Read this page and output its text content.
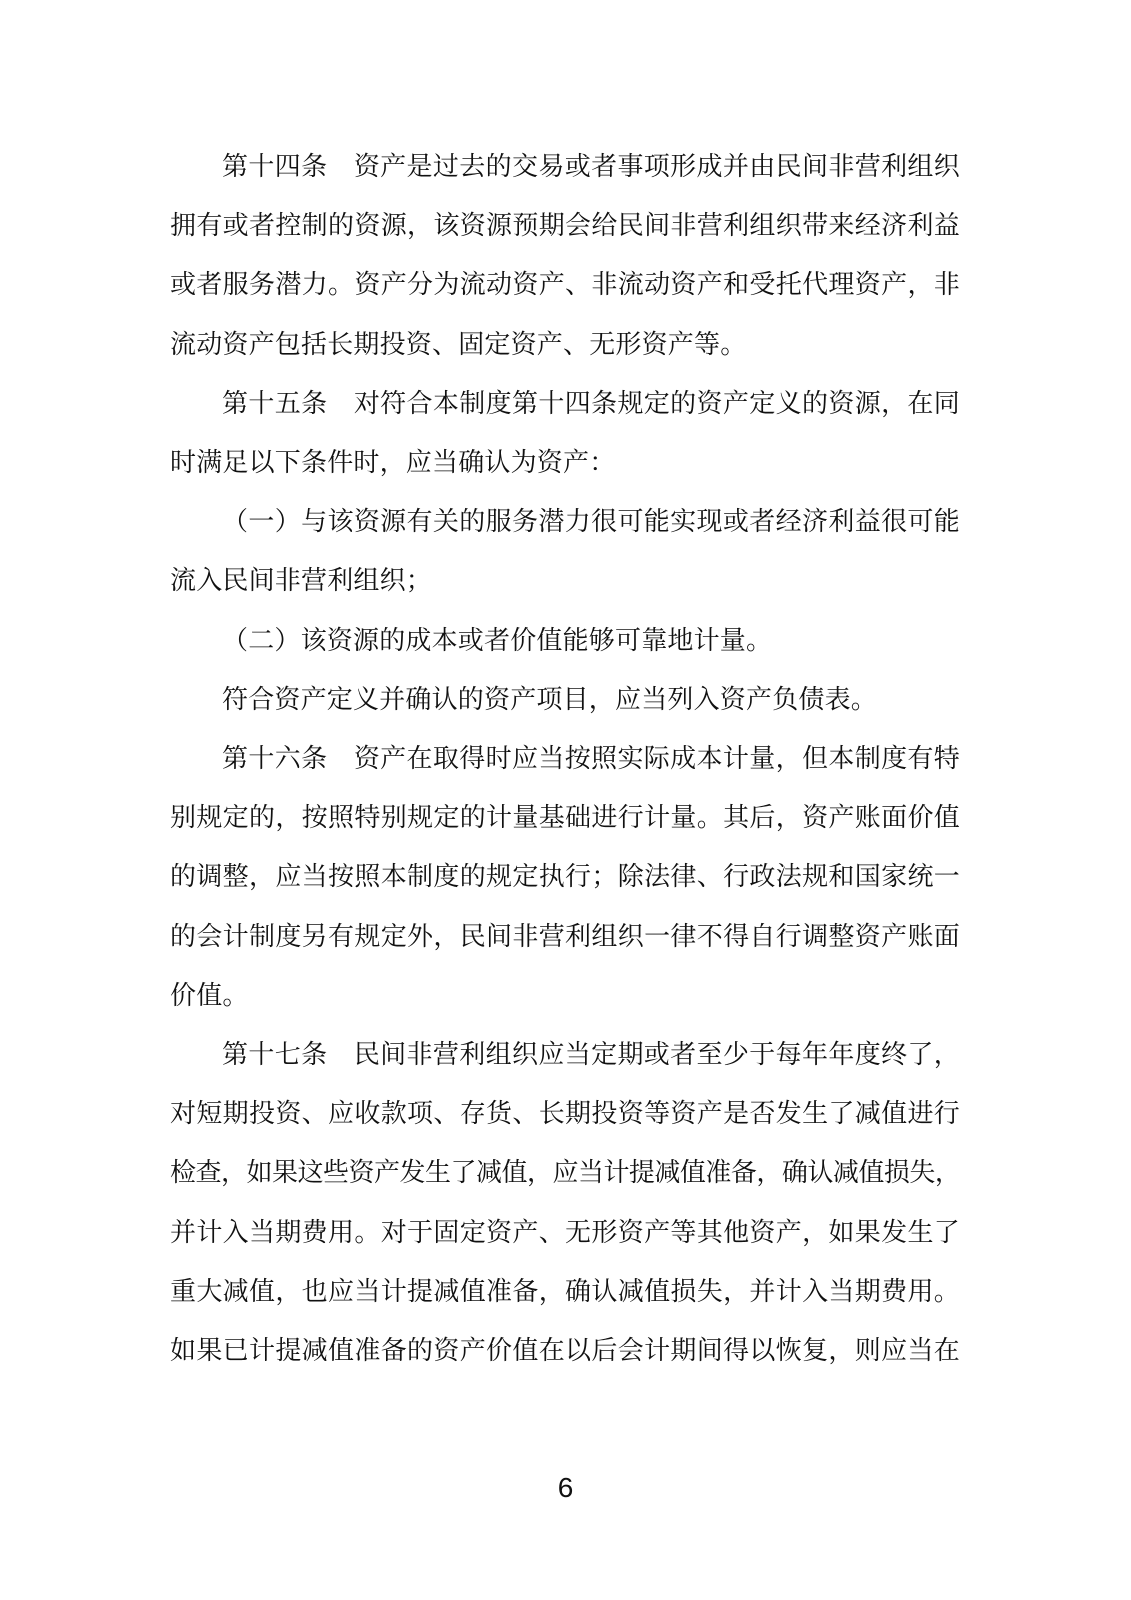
第十四条　资产是过去的交易或者事项形成并由民间非营利组织
拥有或者控制的资源，该资源预期会给民间非营利组织带来经济利益
或者服务潜力。资产分为流动资产、非流动资产和受托代理资产，非
流动资产包括长期投资、固定资产、无形资产等。
第十五条　对符合本制度第十四条规定的资产定义的资源，在同
时满足以下条件时，应当确认为资产：
（一）与该资源有关的服务潜力很可能实现或者经济利益很可能
流入民间非营利组织；
（二）该资源的成本或者价值能够可靠地计量。
符合资产定义并确认的资产项目，应当列入资产负债表。
第十六条　资产在取得时应当按照实际成本计量，但本制度有特
别规定的，按照特别规定的计量基础进行计量。其后，资产账面价值
的调整，应当按照本制度的规定执行；除法律、行政法规和国家统一
的会计制度另有规定外，民间非营利组织一律不得自行调整资产账面
价值。
第十七条　民间非营利组织应当定期或者至少于每年年度终了，
对短期投资、应收款项、存货、长期投资等资产是否发生了减值进行
检查，如果这些资产发生了减值，应当计提减值准备，确认减值损失，
并计入当期费用。对于固定资产、无形资产等其他资产，如果发生了
重大减值，也应当计提减值准备，确认减值损失，并计入当期费用。
如果已计提减值准备的资产价值在以后会计期间得以恢复，则应当在
6
